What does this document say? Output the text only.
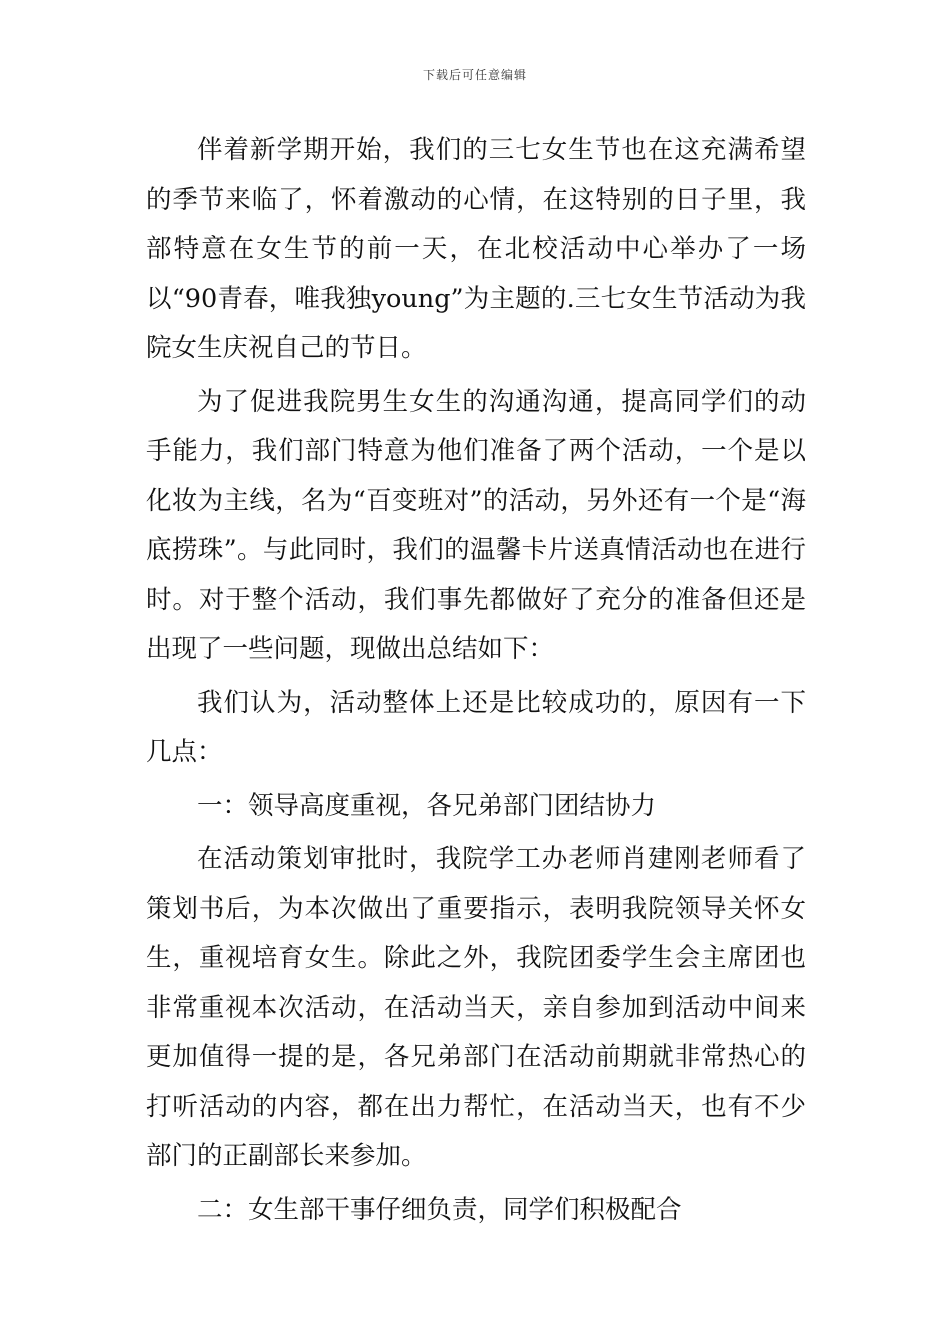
下载后可任意编辑

伴着新学期开始，我们的三七女生节也在这充满希望的季节来临了，怀着激动的心情，在这特别的日子里，我部特意在女生节的前一天，在北校活动中心举办了一场以“90青春，唯我独young”为主题的.三七女生节活动为我院女生庆祝自己的节日。

为了促进我院男生女生的沟通沟通，提高同学们的动手能力，我们部门特意为他们准备了两个活动，一个是以化妆为主线，名为“百变班对”的活动，另外还有一个是“海底捞珠”。与此同时，我们的温馨卡片送真情活动也在进行时。对于整个活动，我们事先都做好了充分的准备但还是出现了一些问题，现做出总结如下：

我们认为，活动整体上还是比较成功的，原因有一下几点：

一：领导高度重视，各兄弟部门团结协力

在活动策划审批时，我院学工办老师肖建刚老师看了策划书后，为本次做出了重要指示，表明我院领导关怀女生，重视培育女生。除此之外，我院团委学生会主席团也非常重视本次活动，在活动当天，亲自参加到活动中间来更加值得一提的是，各兄弟部门在活动前期就非常热心的打听活动的内容，都在出力帮忙，在活动当天，也有不少部门的正副部长来参加。

二：女生部干事仔细负责，同学们积极配合
